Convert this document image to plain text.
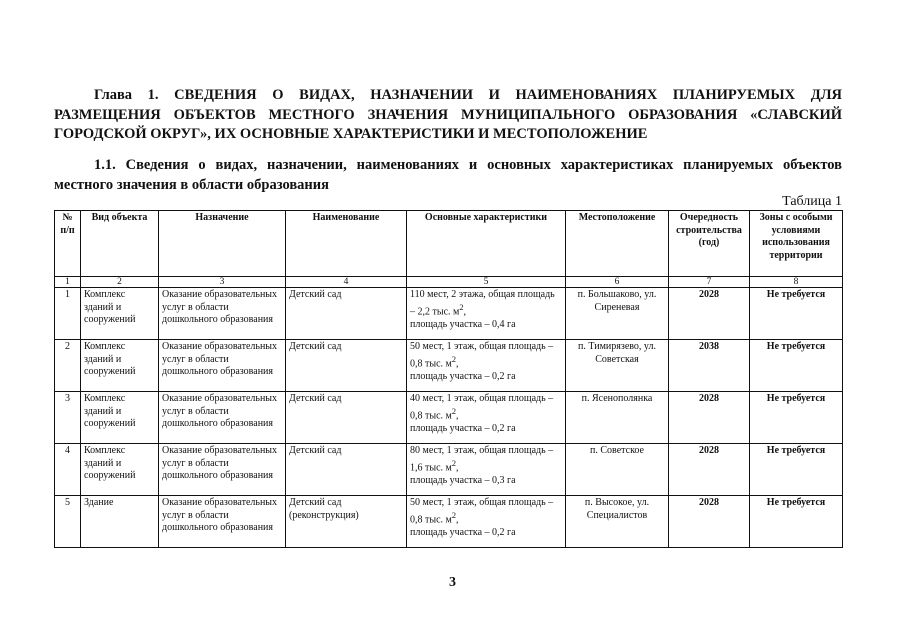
Глава 1. СВЕДЕНИЯ О ВИДАХ, НАЗНАЧЕНИИ И НАИМЕНОВАНИЯХ ПЛАНИРУЕМЫХ ДЛЯ РАЗМЕЩЕНИЯ ОБЪЕКТОВ МЕСТНОГО ЗНАЧЕНИЯ МУНИЦИПАЛЬНОГО ОБРАЗОВАНИЯ «СЛАВСКИЙ ГОРОДСКОЙ ОКРУГ», ИХ ОСНОВНЫЕ ХАРАКТЕРИСТИКИ И МЕСТОПОЛОЖЕНИЕ

1.1. Сведения о видах, назначении, наименованиях и основных характеристиках планируемых объектов местного значения в области образования

Таблица 1
№ п/п	Вид объекта	Назначение	Наименование	Основные характеристики	Местоположение	Очередность строительства (год)	Зоны с особыми условиями использования территории
1	2	3	4	5	6	7	8
1	Комплекс зданий и сооружений	Оказание образовательных услуг в области дошкольного образования	Детский сад	110 мест, 2 этажа, общая площадь – 2,2 тыс. $м^2$,
площадь участка – 0,4 га	п. Большаково, ул. Сиреневая	2028	Не требуется
2	Комплекс зданий и сооружений	Оказание образовательных услуг в области дошкольного образования	Детский сад	50 мест, 1 этаж, общая площадь – 0,8 тыс. $м^2$,
площадь участка – 0,2 га	п. Тимирязево, ул. Советская	2038	Не требуется
3	Комплекс зданий и сооружений	Оказание образовательных услуг в области дошкольного образования	Детский сад	40 мест, 1 этаж, общая площадь – 0,8 тыс. $м^2$,
площадь участка – 0,2 га	п. Ясенополянка	2028	Не требуется
4	Комплекс зданий и сооружений	Оказание образовательных услуг в области дошкольного образования	Детский сад	80 мест, 1 этаж, общая площадь – 1,6 тыс. $м^2$,
площадь участка – 0,3 га	п. Советское	2028	Не требуется
5	Здание	Оказание образовательных услуг в области дошкольного образования	Детский сад (реконструкция)	50 мест, 1 этаж, общая площадь – 0,8 тыс. $м^2$,
площадь участка – 0,2 га	п. Высокое, ул. Специалистов	2028	Не требуется
3
